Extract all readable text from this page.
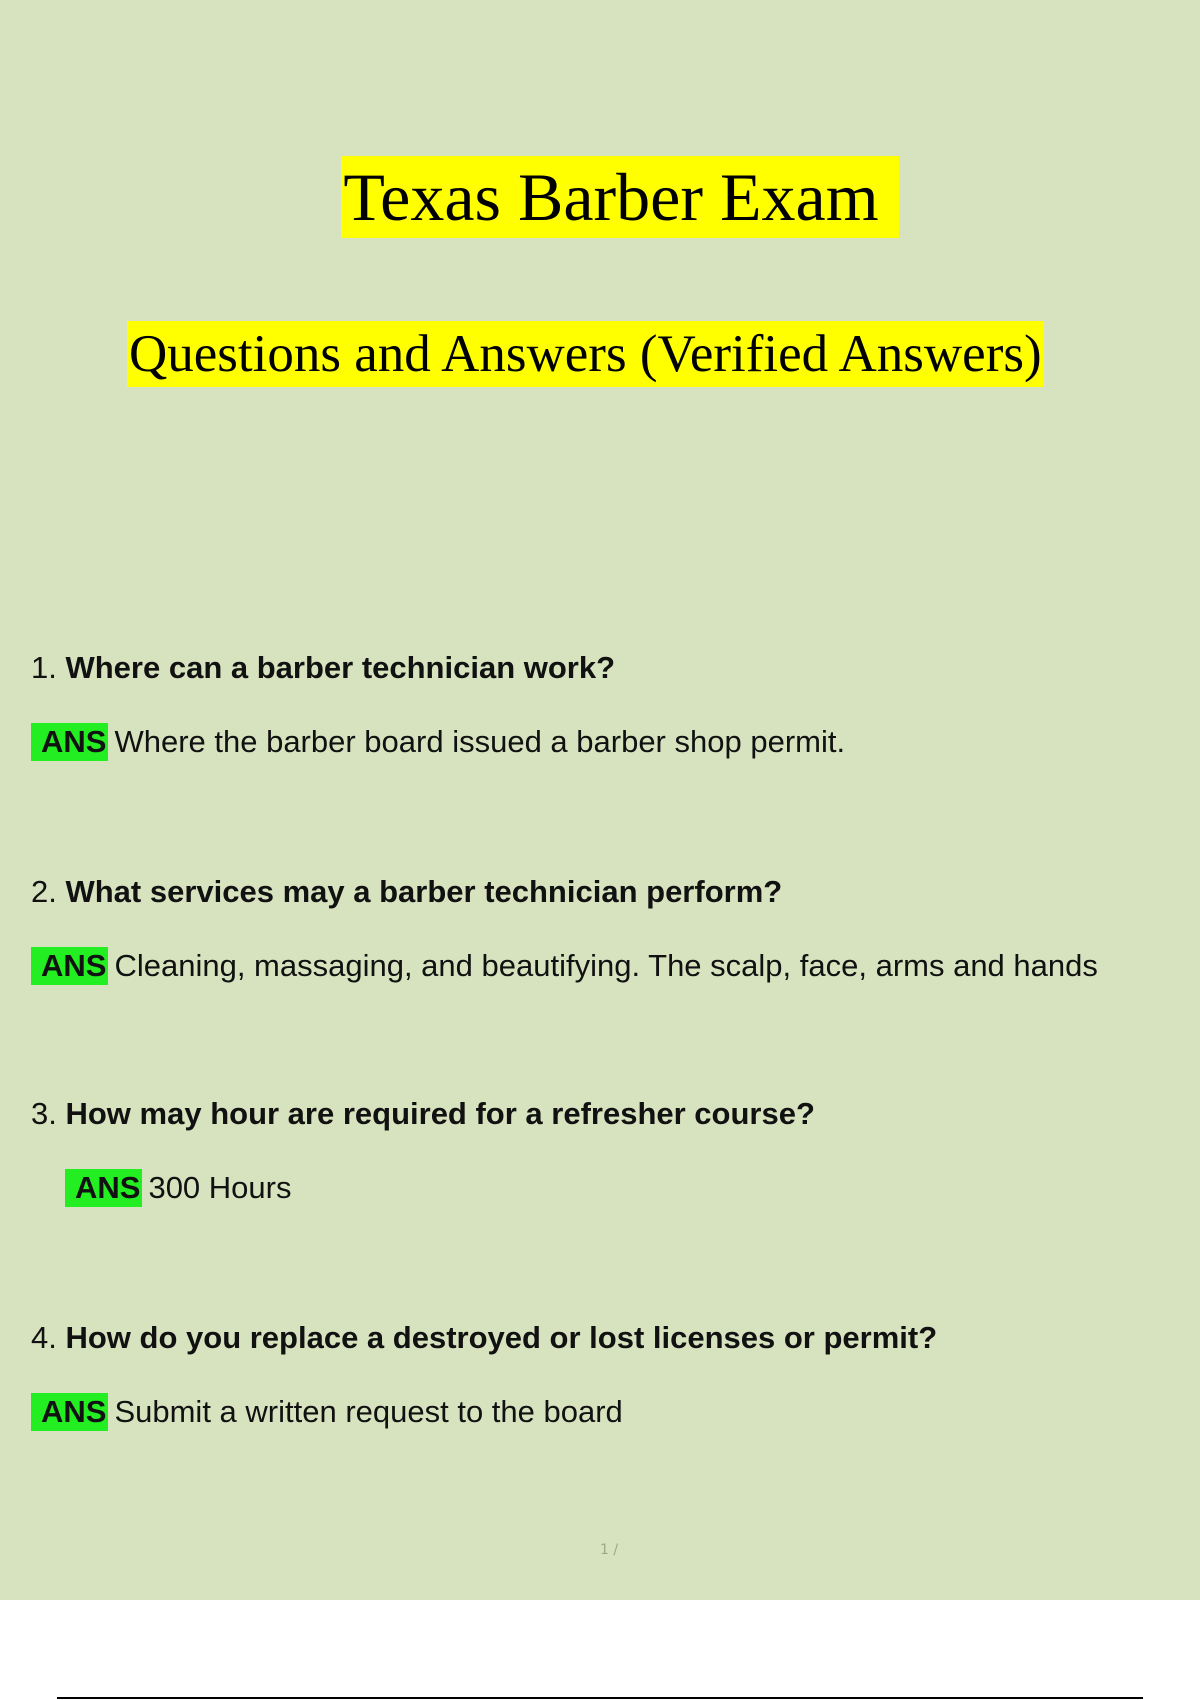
Texas Barber Exam
Questions and Answers (Verified Answers)
1. Where can a barber technician work?
ANS Where the barber board issued a barber shop permit.
2. What services may a barber technician perform?
ANS Cleaning, massaging, and beautifying. The scalp, face, arms and hands
3. How may hour are required for a refresher course?
ANS 300 Hours
4. How do you replace a destroyed or lost licenses or permit?
ANS Submit a written request to the board
1 /
